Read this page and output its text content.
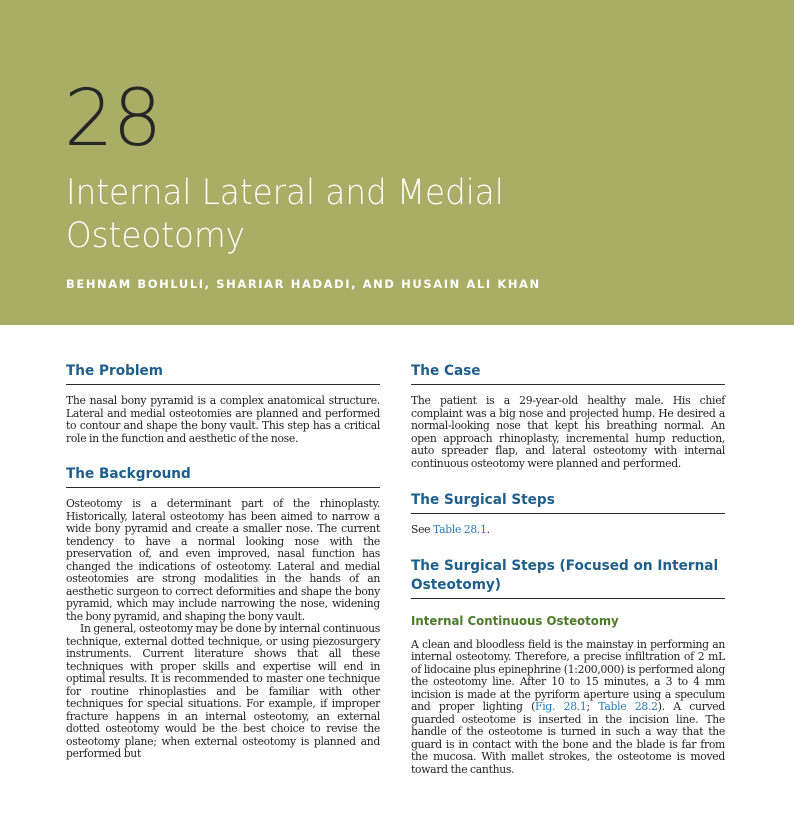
28
Internal Lateral and Medial Osteotomy
BEHNAM BOHLULI, SHARIAR HADADI, AND HUSAIN ALI KHAN
The Problem

The nasal bony pyramid is a complex anatomical structure. Lateral and medial osteotomies are planned and performed to contour and shape the bony vault. This step has a critical role in the function and aesthetic of the nose.

The Background

Osteotomy is a determinant part of the rhinoplasty. Historically, lateral osteotomy has been aimed to narrow a wide bony pyramid and create a smaller nose. The current tendency to have a normal looking nose with the preservation of, and even improved, nasal function has changed the indications of osteotomy. Lateral and medial osteotomies are strong modalities in the hands of an aesthetic surgeon to correct deformities and shape the bony pyramid, which may include narrowing the nose, widening the bony pyramid, and shaping the bony vault.

In general, osteotomy may be done by internal continuous technique, external dotted technique, or using piezosurgery instruments. Current literature shows that all these techniques with proper skills and expertise will end in optimal results. It is recommended to master one technique for routine rhinoplasties and be familiar with other techniques for special situations. For example, if improper fracture happens in an internal osteotomy, an external dotted osteotomy would be the best choice to revise the osteotomy plane; when external osteotomy is planned and performed but

The Case

The patient is a 29-year-old healthy male. His chief complaint was a big nose and projected hump. He desired a normal-looking nose that kept his breathing normal. An open approach rhinoplasty, incremental hump reduction, auto spreader flap, and lateral osteotomy with internal continuous osteotomy were planned and performed.

The Surgical Steps

See Table 28.1.

The Surgical Steps (Focused on Internal Osteotomy)
Internal Continuous Osteotomy

A clean and bloodless field is the mainstay in performing an internal osteotomy. Therefore, a precise infiltration of 2 mL of lidocaine plus epinephrine (1:200,000) is performed along the osteotomy line. After 10 to 15 minutes, a 3 to 4 mm incision is made at the pyriform aperture using a speculum and proper lighting (Fig. 28.1; Table 28.2). A curved guarded osteotome is inserted in the incision line. The handle of the osteotome is turned in such a way that the guard is in contact with the bone and the blade is far from the mucosa. With mallet strokes, the osteotome is moved toward the canthus.
